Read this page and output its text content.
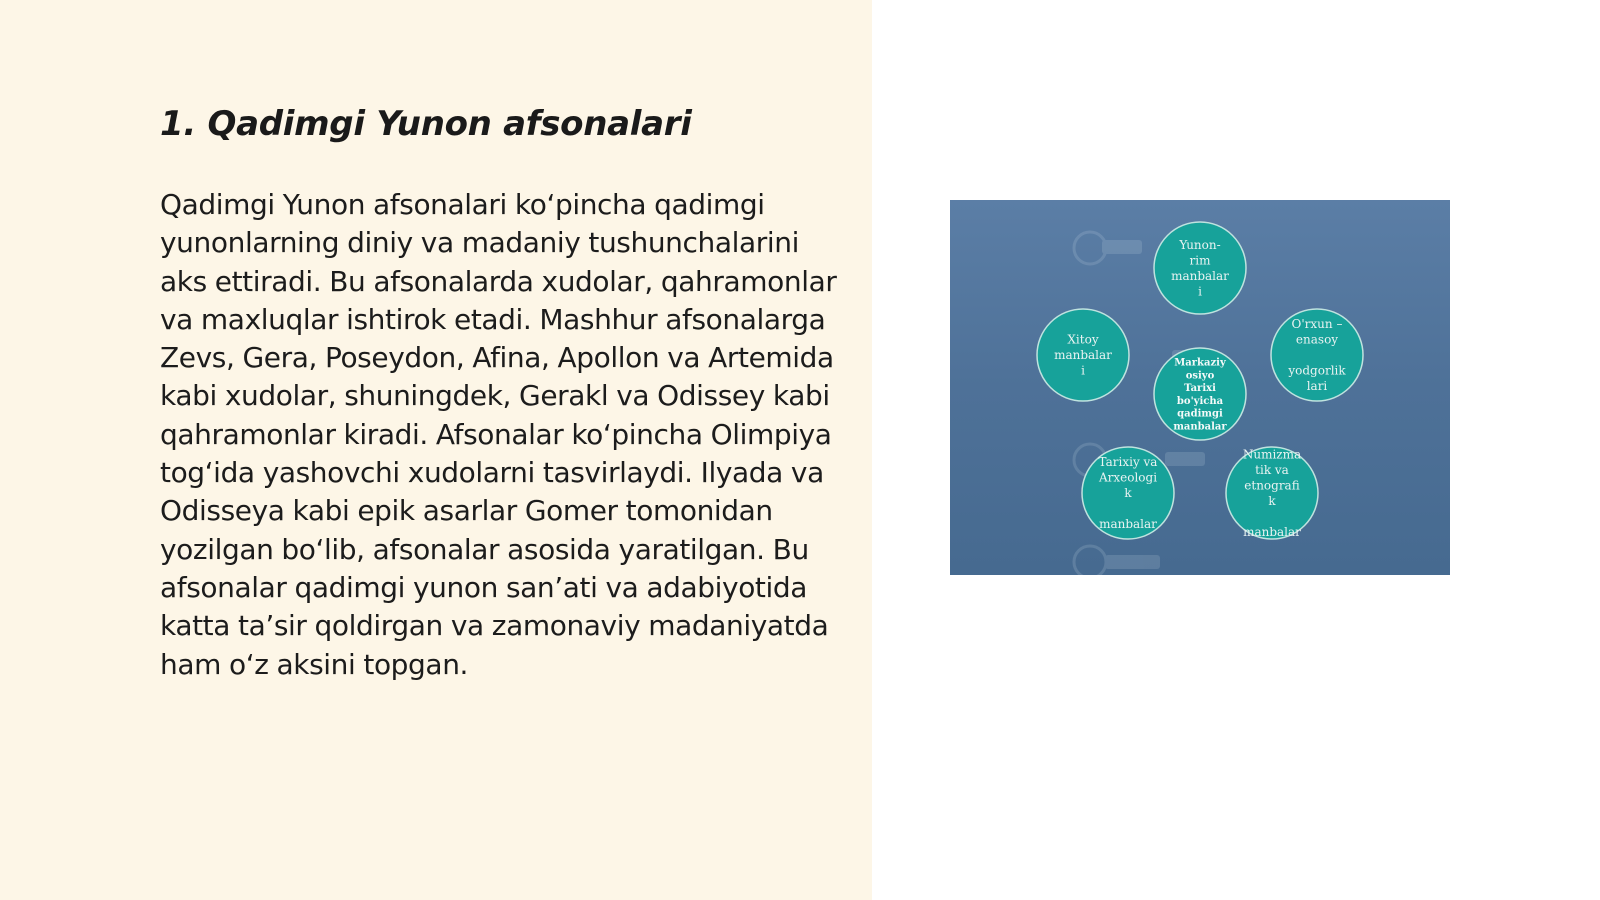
1. Qadimgi Yunon afsonalari

Qadimgi Yunon afsonalari ko‘pincha qadimgi yunonlarning diniy va madaniy tushunchalarini aks ettiradi. Bu afsonalarda xudolar, qahramonlar va maxluqlar ishtirok etadi. Mashhur afsonalarga Zevs, Gera, Poseydon, Afina, Apollon va Artemida kabi xudolar, shuningdek, Gerakl va Odissey kabi qahramonlar kiradi. Afsonalar ko‘pincha Olimpiya tog‘ida yashovchi xudolarni tasvirlaydi. Ilyada va Odisseya kabi epik asarlar Gomer tomonidan yozilgan bo‘lib, afsonalar asosida yaratilgan. Bu afsonalar qadimgi yunon san’ati va adabiyotida katta ta’sir qoldirgan va zamonaviy madaniyatda ham o‘z aksini topgan.

Yunon-rim manbalar i
Xitoy manbalar i
O'rxun – enasoy yodgorlik lari
Tarixiy va Arxeologi k manbalar
Numizma tik va etnografi k manbalar
Markaziy osiyo Tarixi bo'yicha qadimgi manbalar
